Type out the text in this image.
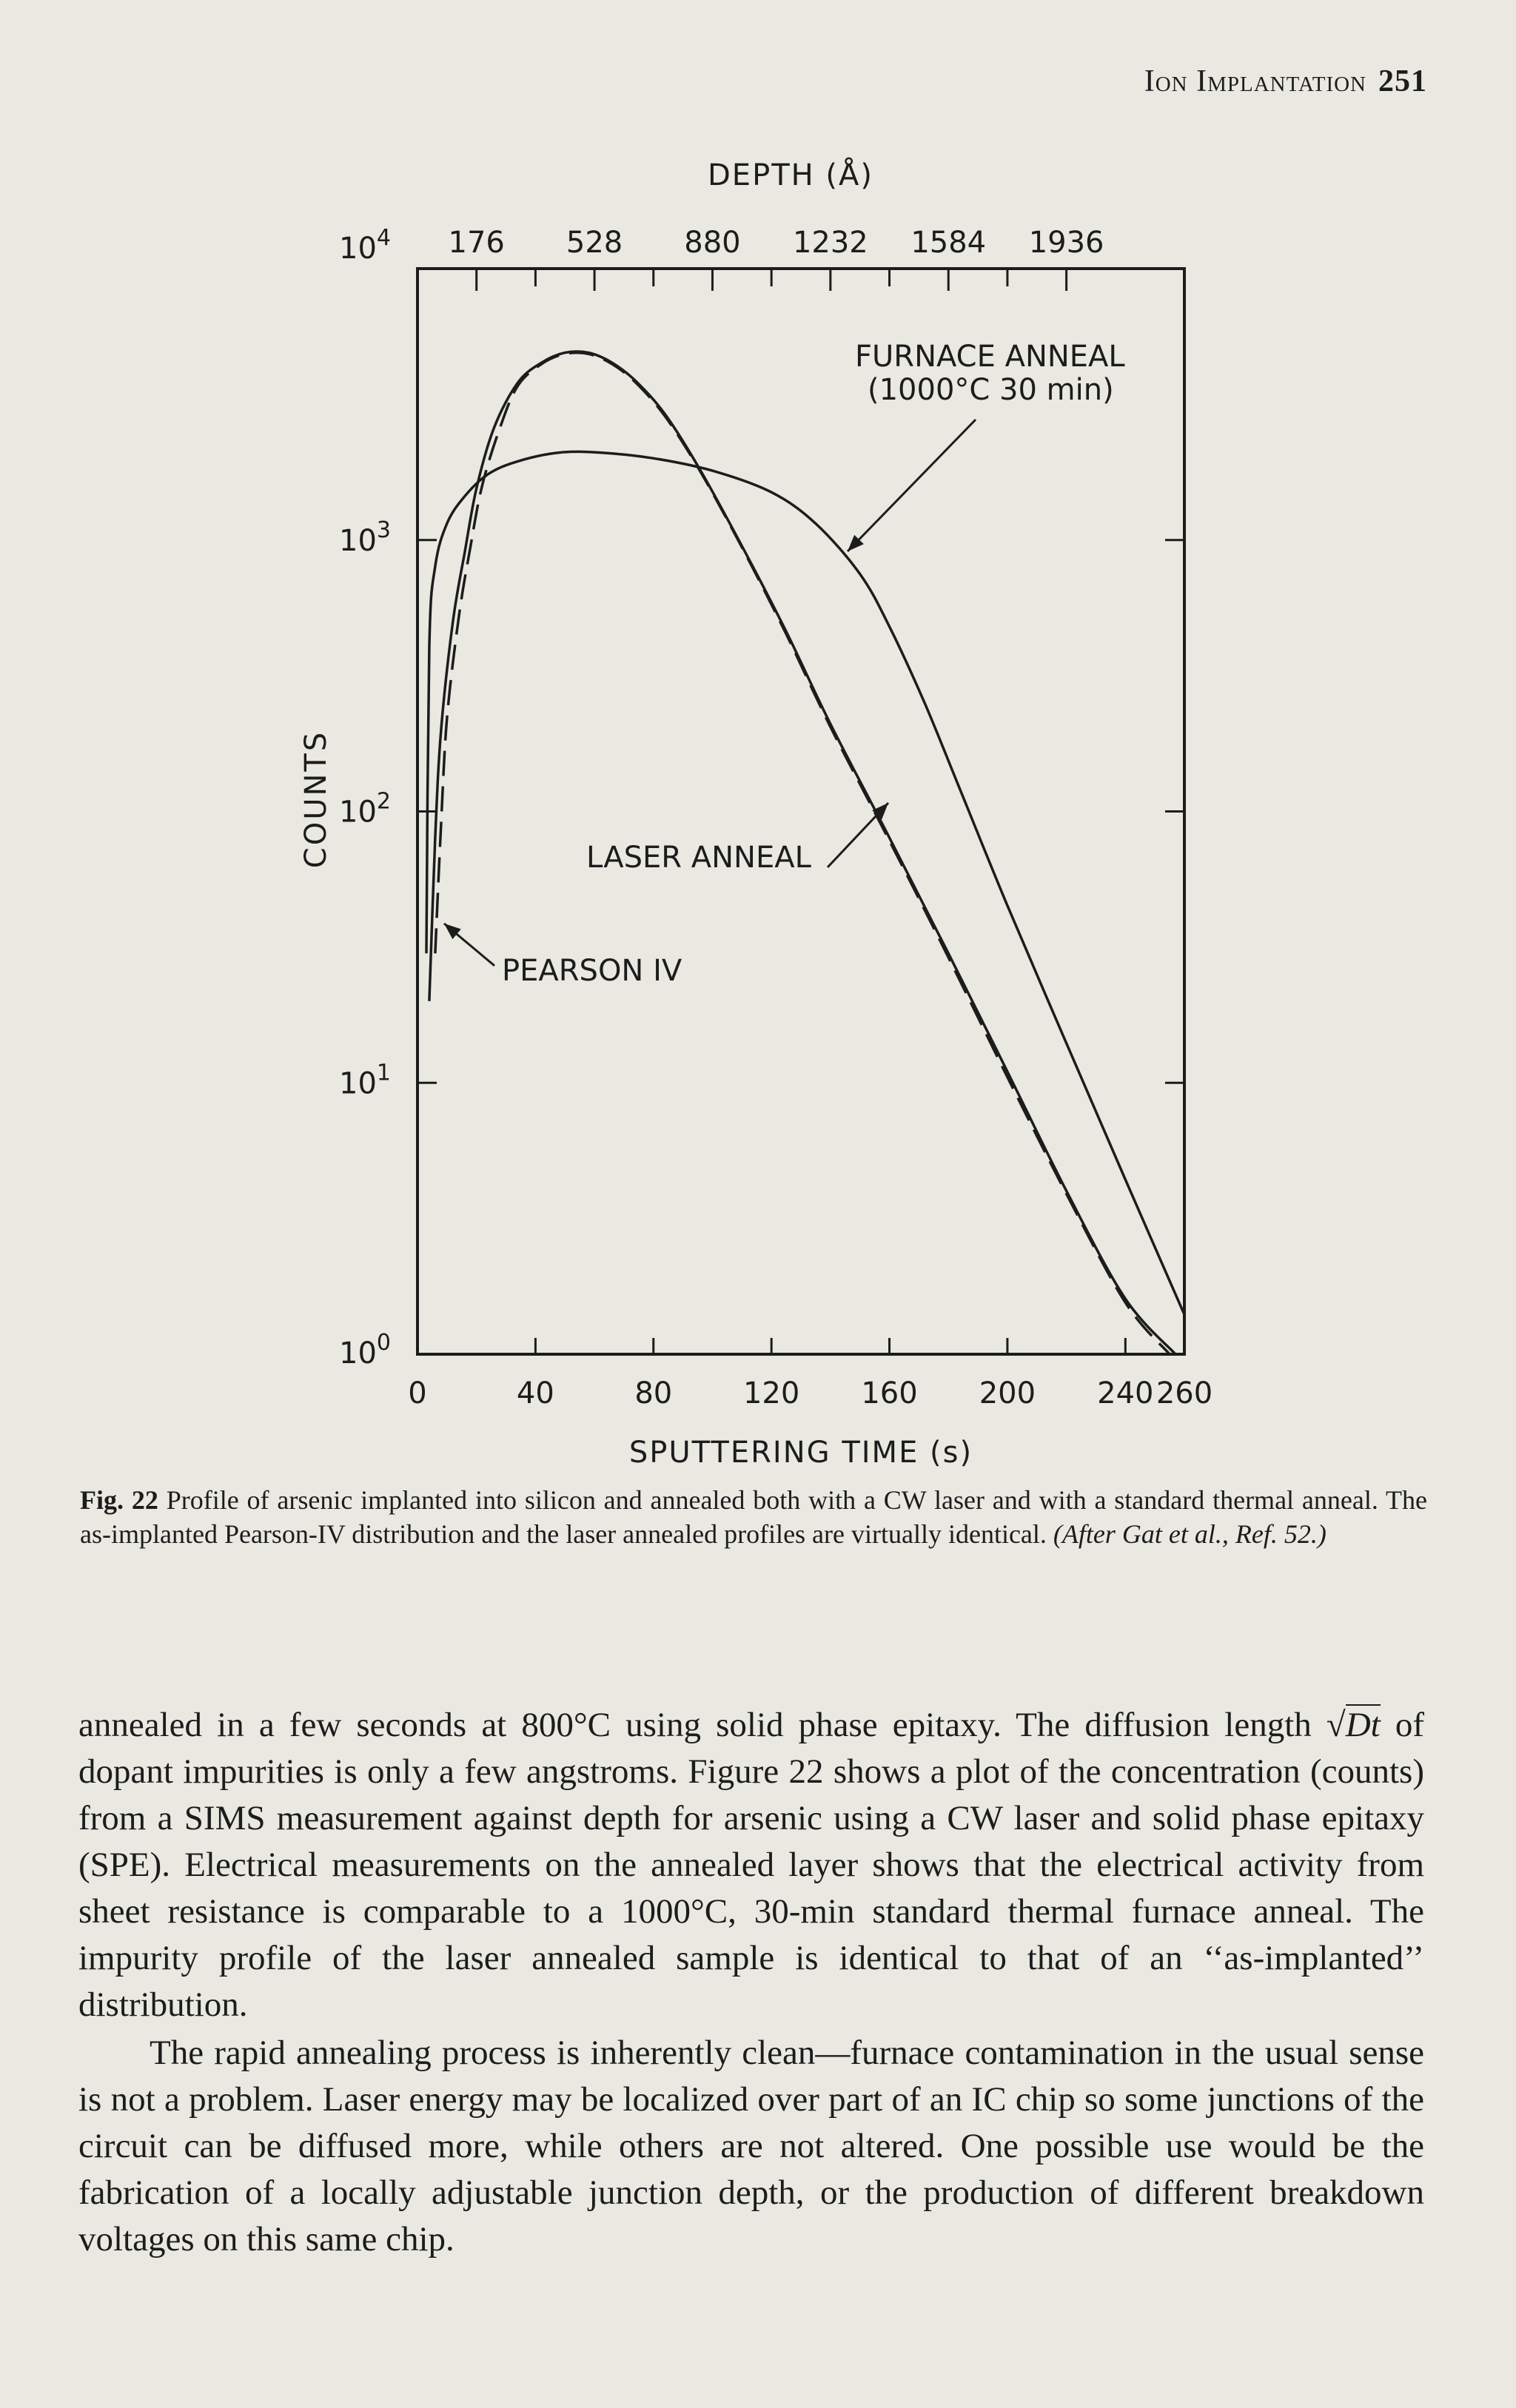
Ion Implantation 251
0	40	80 120 160 200 240 260
176 528 880 1232 1584 1936
$10^0$
$10^1$
$10^2$
$10^3$
$10^4$
SPUTTERING TIME (s)
DEPTH (Å)
COUNTS
FURNACE ANNEAL
(1000°C 30 min)
LASER ANNEAL
PEARSON IV
Fig. 22 Profile of arsenic implanted into silicon and annealed both with a CW laser and with a standard thermal anneal. The as-implanted Pearson-IV distribution and the laser annealed profiles are virtually identical. (After Gat et al., Ref. 52.)

annealed in a few seconds at 800°C using solid phase epitaxy. The diffusion length √Dt of dopant impurities is only a few angstroms. Figure 22 shows a plot of the concentration (counts) from a SIMS measurement against depth for arsenic using a CW laser and solid phase epitaxy (SPE). Electrical measurements on the annealed layer shows that the electrical activity from sheet resistance is comparable to a 1000°C, 30-min standard thermal furnace anneal. The impurity profile of the laser annealed sample is identical to that of an ‘‘as-implanted’’ distribution.

The rapid annealing process is inherently clean—furnace contamination in the usual sense is not a problem. Laser energy may be localized over part of an IC chip so some junctions of the circuit can be diffused more, while others are not altered. One possible use would be the fabrication of a locally adjustable junction depth, or the production of different breakdown voltages on this same chip.
